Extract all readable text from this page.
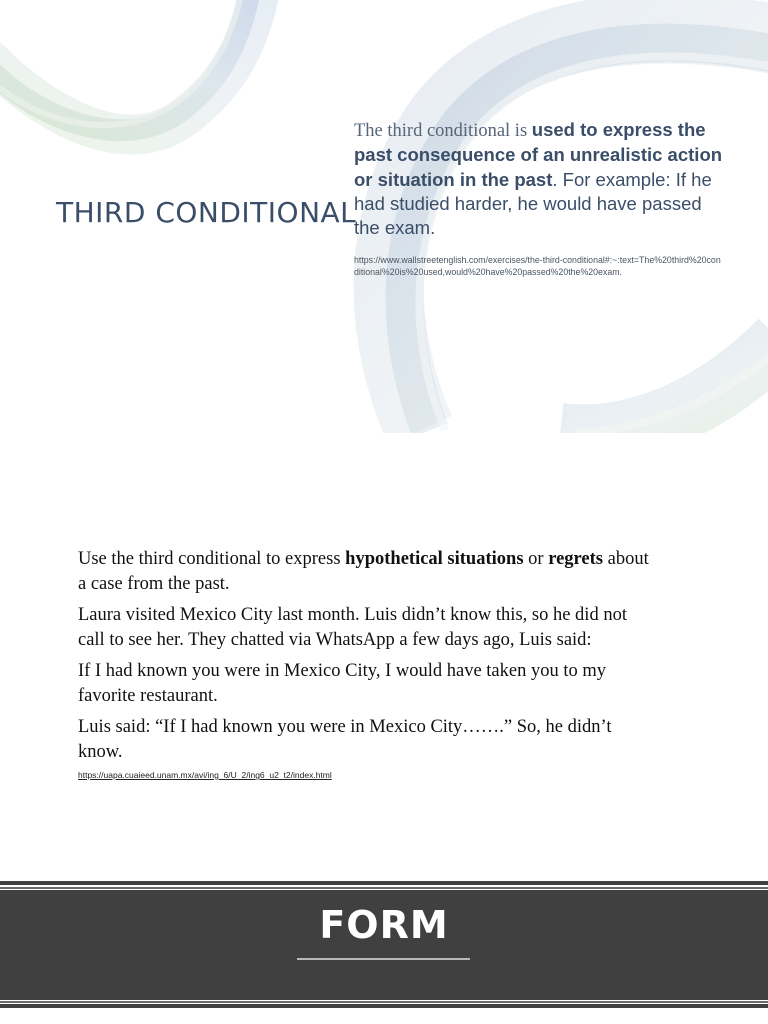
THIRD CONDITIONAL
The third conditional is used to express the past consequence of an unrealistic action or situation in the past. For example: If he had studied harder, he would have passed the exam.
https://www.wallstreetenglish.com/exercises/the-third-conditional#:~:text=The%20third%20conditional%20is%20used,would%20have%20passed%20the%20exam.

Use the third conditional to express hypothetical situations or regrets about a case from the past.

Laura visited Mexico City last month. Luis didn’t know this, so he did not call to see her. They chatted via WhatsApp a few days ago, Luis said:

If I had known you were in Mexico City, I would have taken you to my favorite restaurant.

Luis said: “If I had known you were in Mexico City…….” So, he didn’t know.

https://uapa.cuaieed.unam.mx/avi/ing_6/U_2/ing6_u2_t2/index.html
FORM
